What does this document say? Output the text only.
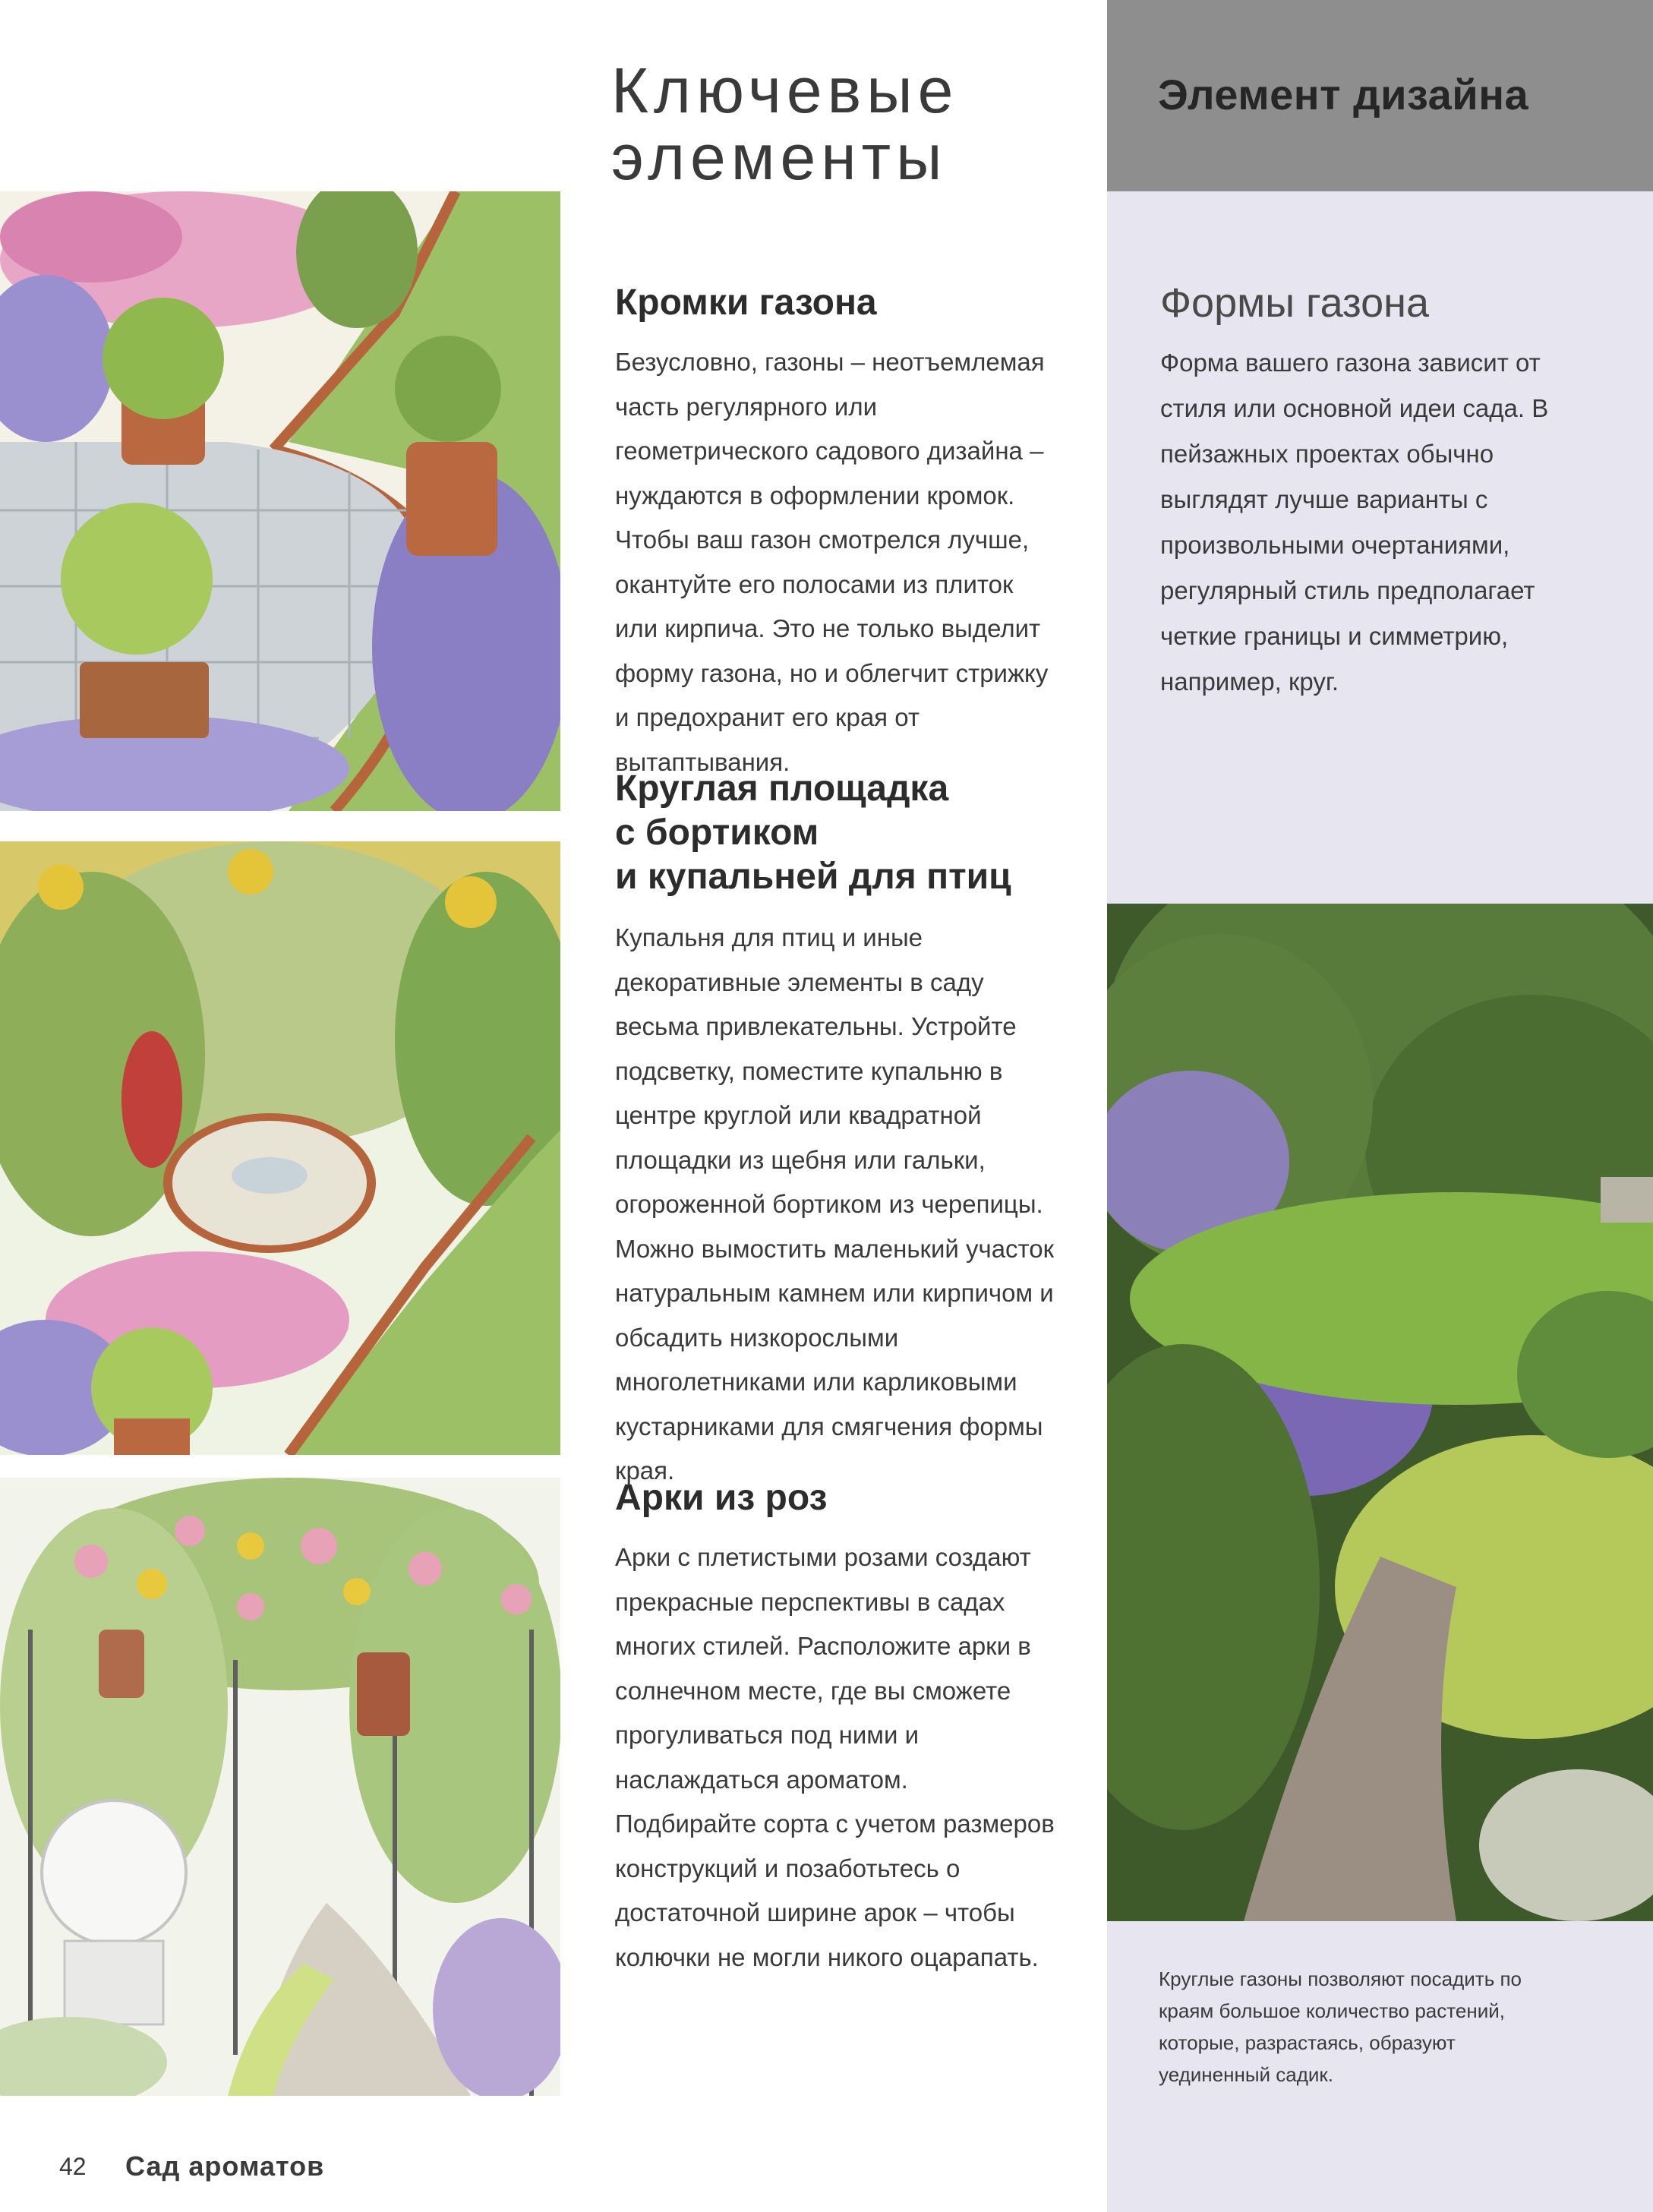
Элемент дизайна
Формы газона
Форма вашего газона зависит от стиля или основной идеи сада. В пейзажных проектах обычно выглядят лучше варианты с произвольными очертаниями, регулярный стиль предполагает четкие границы и симметрию, например, круг.
Ключевые
элементы
Кромки газона
Безусловно, газоны – неотъемлемая часть регулярного или геометрического садового дизайна – нуждаются в оформлении кромок. Чтобы ваш газон смотрелся лучше, окантуйте его полосами из плиток или кирпича. Это не только выделит форму газона, но и облегчит стрижку и предохранит его края от вытаптывания.
Круглая площадка
с бортиком
и купальней для птиц
Купальня для птиц и иные декоративные элементы в саду весьма привлекательны. Устройте подсветку, поместите купальню в центре круглой или квадратной площадки из щебня или гальки, огороженной бортиком из черепицы. Можно вымостить маленький участок натуральным камнем или кирпичом и обсадить низкорослыми многолетниками или карликовыми кустарниками для смягчения формы края.
Арки из роз
Арки с плетистыми розами создают прекрасные перспективы в садах многих стилей. Расположите арки в солнечном месте, где вы сможете прогуливаться под ними и наслаждаться ароматом. Подбирайте сорта с учетом размеров конструкций и позаботьтесь о достаточной ширине арок – чтобы колючки не могли никого оцарапать.
Круглые газоны позволяют посадить по краям большое количество растений, которые, разрастаясь, образуют уединенный садик.
42 Сад ароматов
